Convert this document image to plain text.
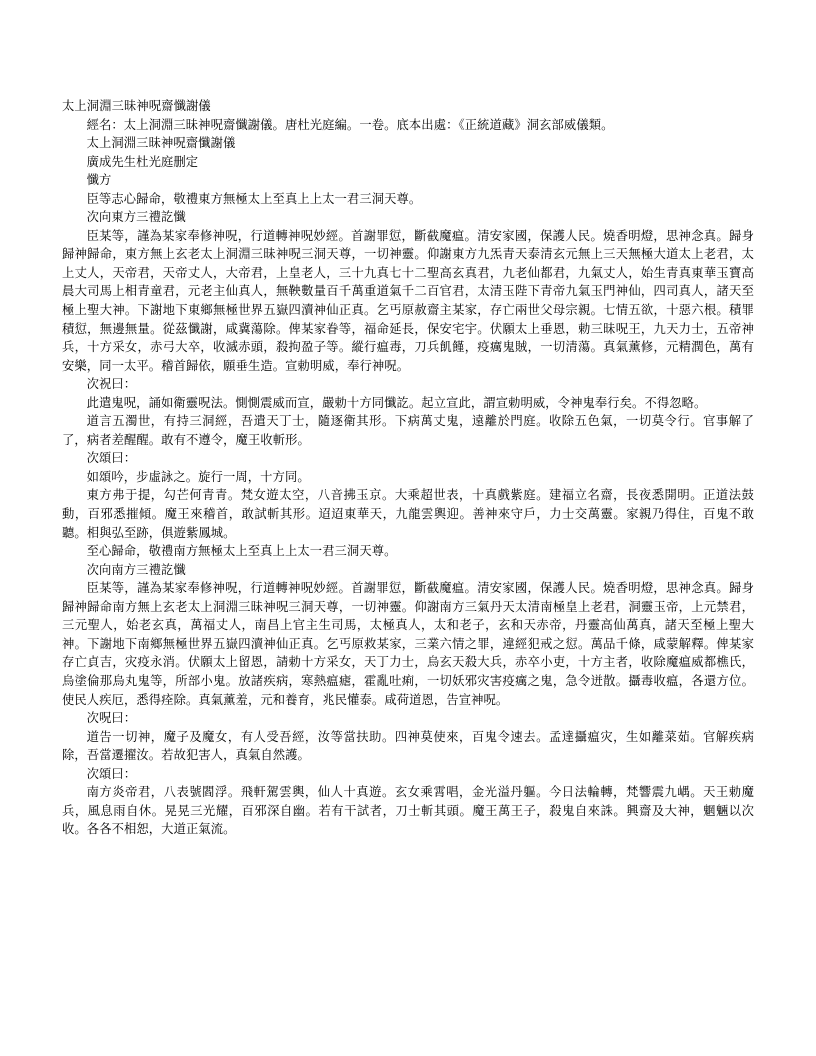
太上洞淵三昧神呪齋懺謝儀

經名：太上洞淵三昧神呪齋懺謝儀。唐杜光庭編。一卷。底本出處：《正統道藏》洞玄部威儀類。

太上洞淵三昧神呪齋懺謝儀

廣成先生杜光庭删定

懺方

臣等志心歸命，敬禮東方無極太上至真上上太一君三洞天尊。

次向東方三禮訖懺

臣某等，謹為某家奉修神呪，行道轉神呪妙經。首謝罪愆，斷截魔瘟。清安家國，保護人民。燒香明燈，思神念真。歸身歸神歸命，東方無上玄老太上洞淵三昧神呪三洞天尊，一切神靈。仰謝東方九炁青天泰清玄元無上三天無極大道太上老君，太上丈人，天帝君，天帝丈人，大帝君，上皇老人，三十九真七十二聖高玄真君，九老仙都君，九氣丈人，始生青真東華玉寶高晨大司馬上相青童君，元老主仙真人，無鞅數量百千萬重道氣千二百官君，太清玉陛下青帝九氣玉門神仙，四司真人，諸天至極上聖大神。下謝地下東鄉無極世界五嶽四瀆神仙正真。乞丐原赦齋主某家，存亡兩世父母宗親。七情五欲，十惡六根。積罪積愆，無邊無量。從茲懺謝，咸冀蕩除。俾某家眷等，福命延長，保安宅宇。伏願太上垂恩，勅三昧呪王，九天力士，五帝神兵，十方采女，赤弓大卒，收滅赤頭，殺拘盈子等。縱行瘟毒，刀兵飢饉，疫癘鬼賊，一切清蕩。真氣薰修，元精潤色，萬有安樂，同一太平。稽首歸依，願垂生造。宣勅明威，奉行神呪。

次祝曰：

此遣鬼呪，誦如衛靈呪法。惻惻震威而宣，嚴勅十方同懺訖。起立宣此，謂宣勅明威，令神鬼奉行矣。不得忽略。

道言五濁世，有持三洞經，吾遣天丁士，隨逐衛其形。下病萬丈鬼，遠離於門庭。收除五色氣，一切莫令行。官事解了了，病者差醒醒。敢有不遵令，魔王收斬形。

次頌曰：

如頌吟，步虛詠之。旋行一周，十方同。

東方弗于提，勾芒何青青。梵女遊太空，八音拂玉京。大乘超世表，十真戲紫庭。建福立名齋，長夜悉開明。正道法鼓動，百邪悉摧傾。魔王來稽首，敢試斬其形。迢迢東華天，九龍雲輿迎。善神來守戶，力士交萬靈。家親乃得住，百鬼不敢聽。相與弘至跡，俱遊紫鳳城。

至心歸命，敬禮南方無極太上至真上上太一君三洞天尊。

次向南方三禮訖懺

臣某等，謹為某家奉修神呪，行道轉神呪妙經。首謝罪愆，斷截魔瘟。清安家國，保護人民。燒香明燈，思神念真。歸身歸神歸命南方無上玄老太上洞淵三昧神呪三洞天尊，一切神靈。仰謝南方三氣丹天太清南極皇上老君，洞靈玉帝，上元禁君，三元聖人，始老玄真，萬福丈人，南昌上官主生司馬，太極真人，太和老子，玄和天赤帝，丹靈高仙萬真，諸天至極上聖大神。下謝地下南鄉無極世界五嶽四瀆神仙正真。乞丐原救某家，三業六情之罪，違經犯戒之愆。萬品千條，咸蒙解釋。俾某家存亡貞吉，灾疫永消。伏願太上留恩，請勅十方采女，天丁力士，烏玄天殺大兵，赤卒小吏，十方主者，收除魔瘟威都樵氏，烏塗倫那烏丸鬼等，所部小鬼。放諸疾病，寒熱瘟瘧，霍亂吐痢，一切妖邪灾害疫癘之鬼，急令迸散。攝毒收瘟，各還方位。使民人疾厄，悉得痊除。真氣薰羞，元和養育，兆民懽泰。咸荷道恩，告宣神呪。

次呪曰：

道告一切神，魔子及魔女，有人受吾經，汝等當扶助。四神莫使來，百鬼令速去。孟達攝瘟灾，生如離菜茹。官解疾病除，吾當遷擢汝。若故犯害人，真氣自然護。

次頌曰：

南方炎帝君，八表號閻浮。飛軒駕雲輿，仙人十真遊。玄女乘霄唱，金光溢丹軀。今日法輪轉，梵響震九嵎。天王勅魔兵，風息雨自休。晃晃三光耀，百邪深自幽。若有干試者，刀士斬其頭。魔王萬王子，殺鬼自來誅。興齋及大神，魍魎以次收。各各不相恕，大道正氣流。
